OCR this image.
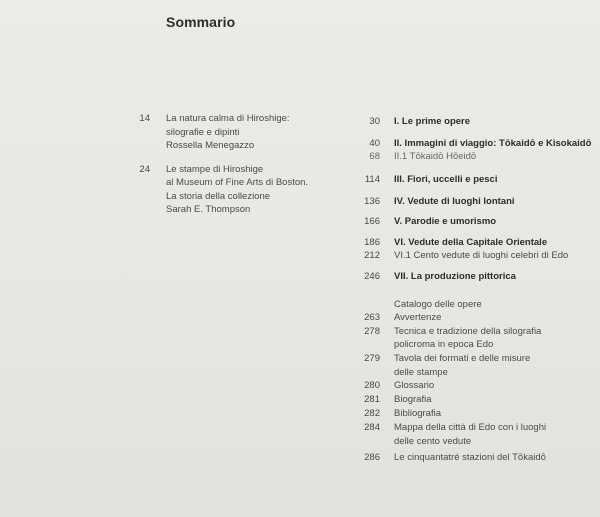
Sommario
14 La natura calma di Hiroshige:
silografie e dipinti
Rossella Menegazzo
24 Le stampe di Hiroshige
al Museum of Fine Arts di Boston.
La storia della collezione
Sarah E. Thompson
30 I. Le prime opere
40 II. Immagini di viaggio: Tōkaidō e Kisokaidō
68 II.1 Tōkaidō Hōeidō
114 III. Fiori, uccelli e pesci
136 IV. Vedute di luoghi lontani
166 V. Parodie e umorismo
186 VI. Vedute della Capitale Orientale
212 VI.1 Cento vedute di luoghi celebri di Edo
246 VII. La produzione pittorica
Catalogo delle opere
263 Avvertenze
278 Tecnica e tradizione della silografia
policroma in epoca Edo
279 Tavola dei formati e delle misure
delle stampe
280 Glossario
281 Biografia
282 Bibliografia
284 Mappa della città di Edo con i luoghi
delle cento vedute
286 Le cinquantatré stazioni del Tōkaidō
